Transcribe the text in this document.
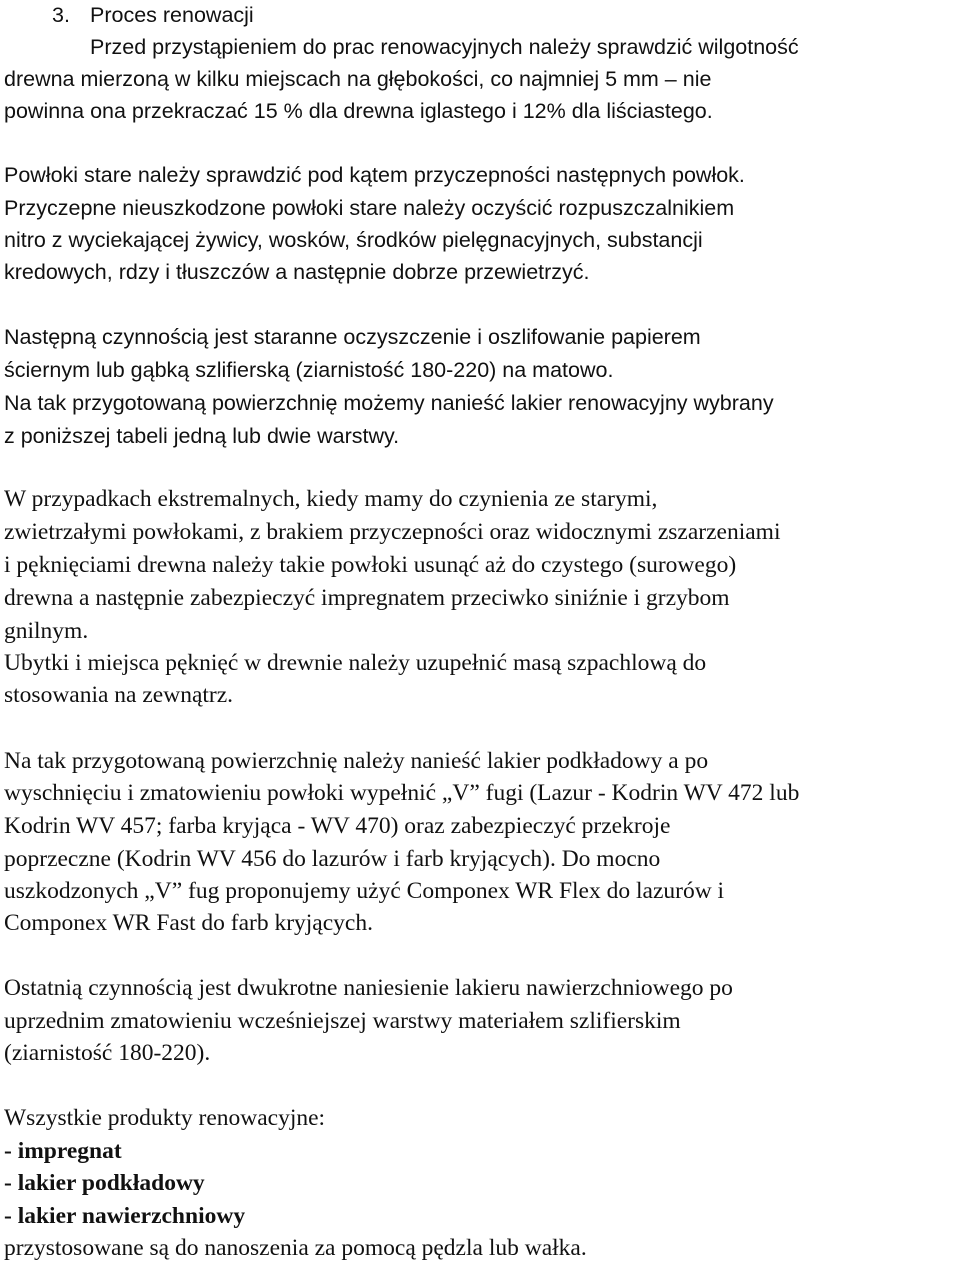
3. Proces renowacji
Przed przystąpieniem do prac renowacyjnych należy sprawdzić wilgotność
drewna mierzoną w kilku miejscach na głębokości, co najmniej 5 mm – nie
powinna ona przekraczać 15 % dla drewna iglastego i 12% dla liściastego.
Powłoki stare należy sprawdzić pod kątem przyczepności następnych powłok.
Przyczepne nieuszkodzone powłoki stare należy oczyścić rozpuszczalnikiem
nitro z wyciekającej żywicy, wosków, środków pielęgnacyjnych, substancji
kredowych, rdzy i tłuszczów a następnie dobrze przewietrzyć.
Następną czynnością jest staranne oczyszczenie i oszlifowanie papierem
ściernym lub gąbką szlifierską (ziarnistość 180-220) na matowo.
Na tak przygotowaną powierzchnię możemy nanieść lakier renowacyjny wybrany
z poniższej tabeli jedną lub dwie warstwy.
W przypadkach ekstremalnych, kiedy mamy do czynienia ze starymi,
zwietrzałymi powłokami, z brakiem przyczepności oraz widocznymi zszarzeniami
i pęknięciami drewna należy takie powłoki usunąć aż do czystego (surowego)
drewna a następnie zabezpieczyć impregnatem przeciwko siniźnie i grzybom
gnilnym.
Ubytki i miejsca pęknięć w drewnie należy uzupełnić masą szpachlową do
stosowania na zewnątrz.
Na tak przygotowaną powierzchnię należy nanieść lakier podkładowy a po
wyschnięciu i zmatowieniu powłoki wypełnić „V” fugi (Lazur - Kodrin WV 472 lub
Kodrin WV 457; farba kryjąca - WV 470) oraz zabezpieczyć przekroje
poprzeczne (Kodrin WV 456 do lazurów i farb kryjących). Do mocno
uszkodzonych „V” fug proponujemy użyć Componex WR Flex do lazurów i
Componex WR Fast do farb kryjących.
Ostatnią czynnością jest dwukrotne naniesienie lakieru nawierzchniowego po
uprzednim zmatowieniu wcześniejszej warstwy materiałem szlifierskim
(ziarnistość 180-220).
Wszystkie produkty renowacyjne:
- impregnat
- lakier podkładowy
- lakier nawierzchniowy
przystosowane są do nanoszenia za pomocą pędzla lub wałka.
